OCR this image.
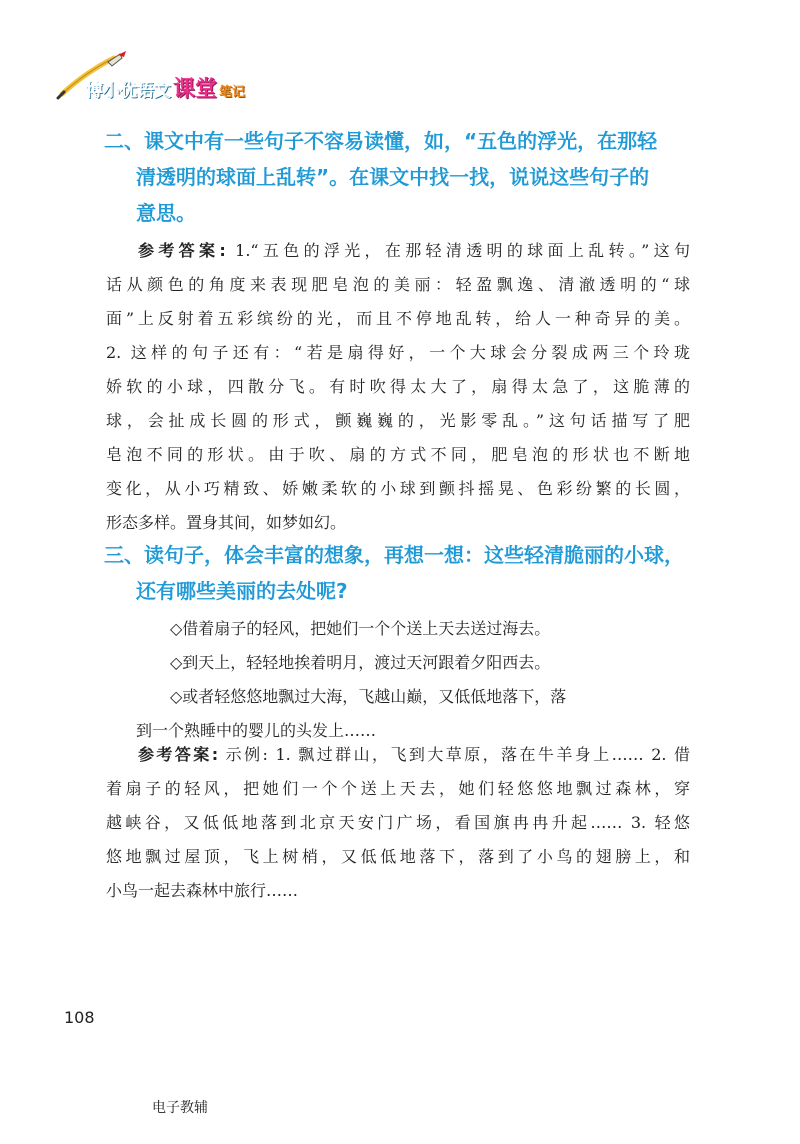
博小优语文 课堂 笔记
二、课文中有一些句子不容易读懂，如，“五色的浮光，在那轻
清透明的球面上乱转”。在课文中找一找，说说这些句子的
意思。

参考答案: 1.“五色的浮光，在那轻清透明的球面上乱转。”这句
话从颜色的角度来表现肥皂泡的美丽：轻盈飘逸、清澈透明的“球
面”上反射着五彩缤纷的光，而且不停地乱转，给人一种奇异的美。
2. 这样的句子还有：“若是扇得好，一个大球会分裂成两三个玲珑
娇软的小球，四散分飞。有时吹得太大了，扇得太急了，这脆薄的
球，会扯成长圆的形式，颤巍巍的，光影零乱。”这句话描写了肥
皂泡不同的形状。由于吹、扇的方式不同，肥皂泡的形状也不断地
变化，从小巧精致、娇嫩柔软的小球到颤抖摇晃、色彩纷繁的长圆，
形态多样。置身其间，如梦如幻。

三、读句子，体会丰富的想象，再想一想：这些轻清脆丽的小球，
还有哪些美丽的去处呢?
◇借着扇子的轻风，把她们一个个送上天去送过海去。
◇到天上，轻轻地挨着明月，渡过天河跟着夕阳西去。
◇或者轻悠悠地飘过大海，飞越山巅，又低低地落下，落
到一个熟睡中的婴儿的头发上……

参考答案: 示例: 1. 飘过群山，飞到大草原，落在牛羊身上…… 2. 借
着扇子的轻风，把她们一个个送上天去，她们轻悠悠地飘过森林，穿
越峡谷，又低低地落到北京天安门广场，看国旗冉冉升起…… 3. 轻悠
悠地飘过屋顶，飞上树梢，又低低地落下，落到了小鸟的翅膀上，和
小鸟一起去森林中旅行……

108
电子教辅
